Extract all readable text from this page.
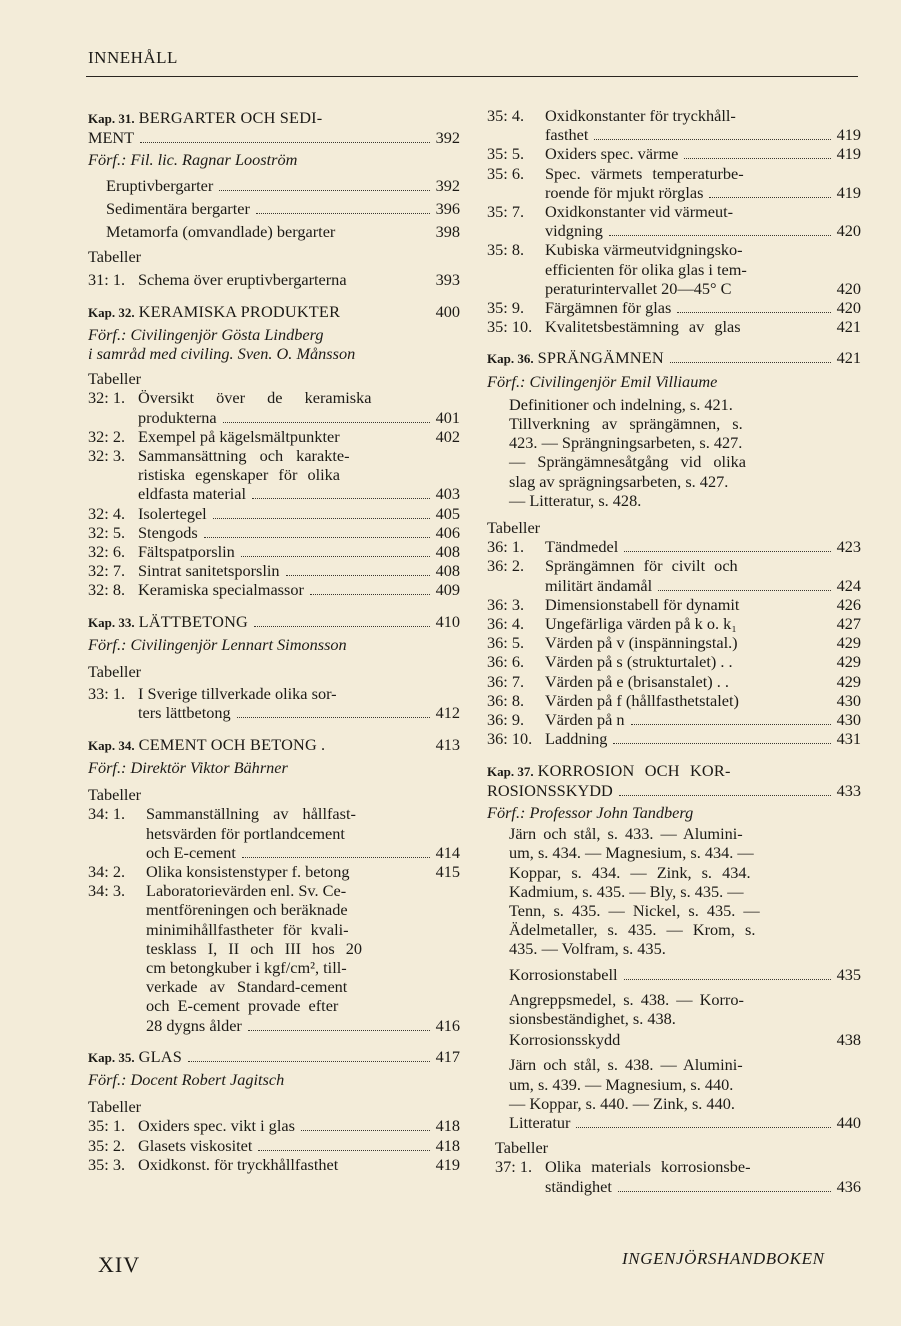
INNEHÅLL
Kap. 31.
BERGARTER OCH SEDI-
MENT	392
Förf.: Fil. lic. Ragnar Looström
Eruptivbergarter	392
Sedimentära bergarter	396
Metamorfa (omvandlade) bergarter	398
Tabeller
31: 1. Schema över eruptivbergarterna	393
Kap. 32.
KERAMISKA PRODUKTER	400
Förf.: Civilingenjör Gösta Lindberg
i samråd med civiling. Sven. O. Månsson
Tabeller
32: 1. Översikt över de keramiska
produkterna	401
32: 2. Exempel på kägelsmältpunkter	402
32: 3. Sammansättning och karakte-
ristiska egenskaper för olika
eldfasta material	403
32: 4. Isolertegel	405
32: 5. Stengods	406
32: 6. Fältspatporslin	408
32: 7. Sintrat sanitetsporslin	408
32: 8. Keramiska specialmassor	409
Kap. 33.
LÄTTBETONG	410
Förf.: Civilingenjör Lennart Simonsson
Tabeller
33: 1. I Sverige tillverkade olika sor-
ters lättbetong	412
Kap. 34.
CEMENT OCH BETONG .	413
Förf.: Direktör Viktor Bährner
Tabeller
34: 1.	Sammanställning av hållfast-
hetsvärden för portlandcement
och E-cement	414
34: 2.	Olika konsistenstyper f. betong	415
34: 3.	Laboratorievärden enl. Sv. Ce-
mentföreningen och beräknade
minimihållfastheter för kvali-
tesklass I, II och III hos 20
cm betongkuber i kgf/cm², till-
verkade av Standard-cement
och E-cement provade efter
28 dygns ålder	416
Kap. 35.
GLAS	417
Förf.: Docent Robert Jagitsch
Tabeller
35: 1. Oxiders spec. vikt i glas	418
35: 2. Glasets viskositet	418
35: 3. Oxidkonst. för tryckhållfasthet	419
35: 4.	Oxidkonstanter för tryckhåll-
fasthet	419
35: 5.	Oxiders spec. värme	419
35: 6.	Spec. värmets temperaturbe-
roende för mjukt rörglas	419
35: 7.	Oxidkonstanter vid värmeut-
vidgning	420
35: 8.	Kubiska värmeutvidgningsko-
efficienten för olika glas i tem-
peraturintervallet 20—45° C	420
35: 9.	Färgämnen för glas	420
35: 10. Kvalitetsbestämning av glas	421
Kap. 36.
SPRÄNGÄMNEN	421
Förf.: Civilingenjör Emil Villiaume
Definitioner och indelning, s. 421.
Tillverkning av sprängämnen, s.
423. — Sprängningsarbeten, s. 427.
— Sprängämnesåtgång vid olika
slag av sprägningsarbeten, s. 427.
— Litteratur, s. 428.
Tabeller
36: 1.	Tändmedel	423
36: 2.	Sprängämnen för civilt och
militärt ändamål	424
36: 3.	Dimensionstabell för dynamit	426
36: 4.	Ungefärliga värden på k o. k₁	427
36: 5.	Värden på v (inspänningstal.)	429
36: 6.	Värden på s (strukturtalet) . .	429
36: 7.	Värden på e (brisanstalet) . .	429
36: 8.	Värden på f (hållfasthetstalet)	430
36: 9.	Värden på n	430
36: 10. Laddning	431
Kap. 37.
KORROSION OCH KOR-
ROSIONSSKYDD	433
Förf.: Professor John Tandberg
Järn och stål, s. 433. — Alumini-
um, s. 434. — Magnesium, s. 434. —
Koppar, s. 434. — Zink, s. 434.
Kadmium, s. 435. — Bly, s. 435. —
Tenn, s. 435. — Nickel, s. 435. —
Ädelmetaller, s. 435. — Krom, s.
435. — Volfram, s. 435.
Korrosionstabell	435
Angreppsmedel, s. 438. — Korro-
sionsbeständighet, s. 438.
Korrosionsskydd	438
Järn och stål, s. 438. — Alumini-
um, s. 439. — Magnesium, s. 440.
— Koppar, s. 440. — Zink, s. 440.
Litteratur	440
Tabeller
37: 1. Olika materials korrosionsbe-
ständighet	436
XIV	INGENJÖRSHANDBOKEN
